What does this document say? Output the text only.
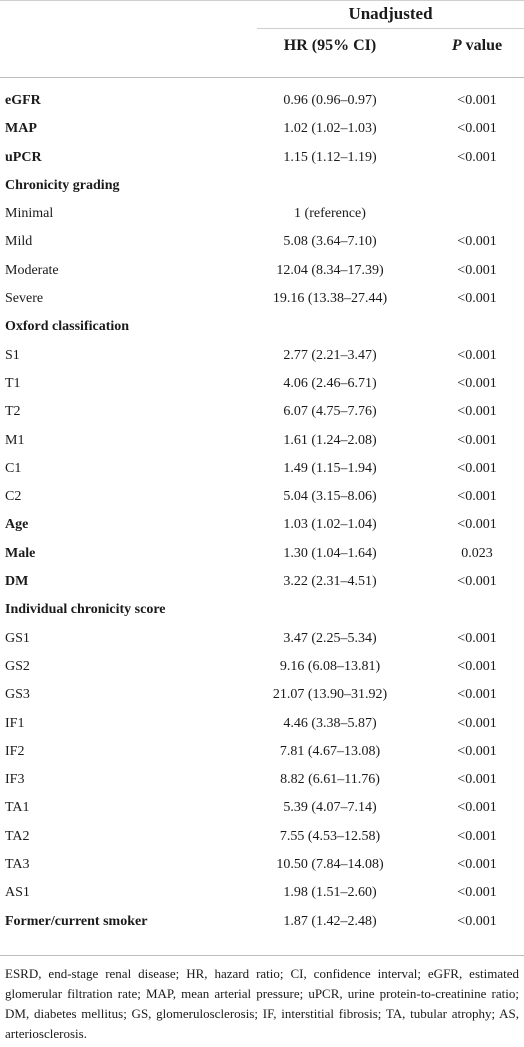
Unadjusted
HR (95% CI)	P value
eGFR	0.96 (0.96–0.97)	<0.001
MAP	1.02 (1.02–1.03)	<0.001
uPCR	1.15 (1.12–1.19)	<0.001
Chronicity grading
Minimal	1 (reference)
Mild	5.08 (3.64–7.10)	<0.001
Moderate	12.04 (8.34–17.39)	<0.001
Severe	19.16 (13.38–27.44)	<0.001
Oxford classification
S1	2.77 (2.21–3.47)	<0.001
T1	4.06 (2.46–6.71)	<0.001
T2	6.07 (4.75–7.76)	<0.001
M1	1.61 (1.24–2.08)	<0.001
C1	1.49 (1.15–1.94)	<0.001
C2	5.04 (3.15–8.06)	<0.001
Age	1.03 (1.02–1.04)	<0.001
Male	1.30 (1.04–1.64)	0.023
DM	3.22 (2.31–4.51)	<0.001
Individual chronicity score
GS1	3.47 (2.25–5.34)	<0.001
GS2	9.16 (6.08–13.81)	<0.001
GS3	21.07 (13.90–31.92)	<0.001
IF1	4.46 (3.38–5.87)	<0.001
IF2	7.81 (4.67–13.08)	<0.001
IF3	8.82 (6.61–11.76)	<0.001
TA1	5.39 (4.07–7.14)	<0.001
TA2	7.55 (4.53–12.58)	<0.001
TA3	10.50 (7.84–14.08)	<0.001
AS1	1.98 (1.51–2.60)	<0.001
Former/current smoker	1.87 (1.42–2.48)	<0.001
ESRD, end-stage renal disease; HR, hazard ratio; CI, confidence interval; eGFR, estimated glomerular filtration rate; MAP, mean arterial pressure; uPCR, urine protein-to-creatinine ratio; DM, diabetes mellitus; GS, glomerulosclerosis; IF, interstitial fibrosis; TA, tubular atrophy; AS, arteriosclerosis.
